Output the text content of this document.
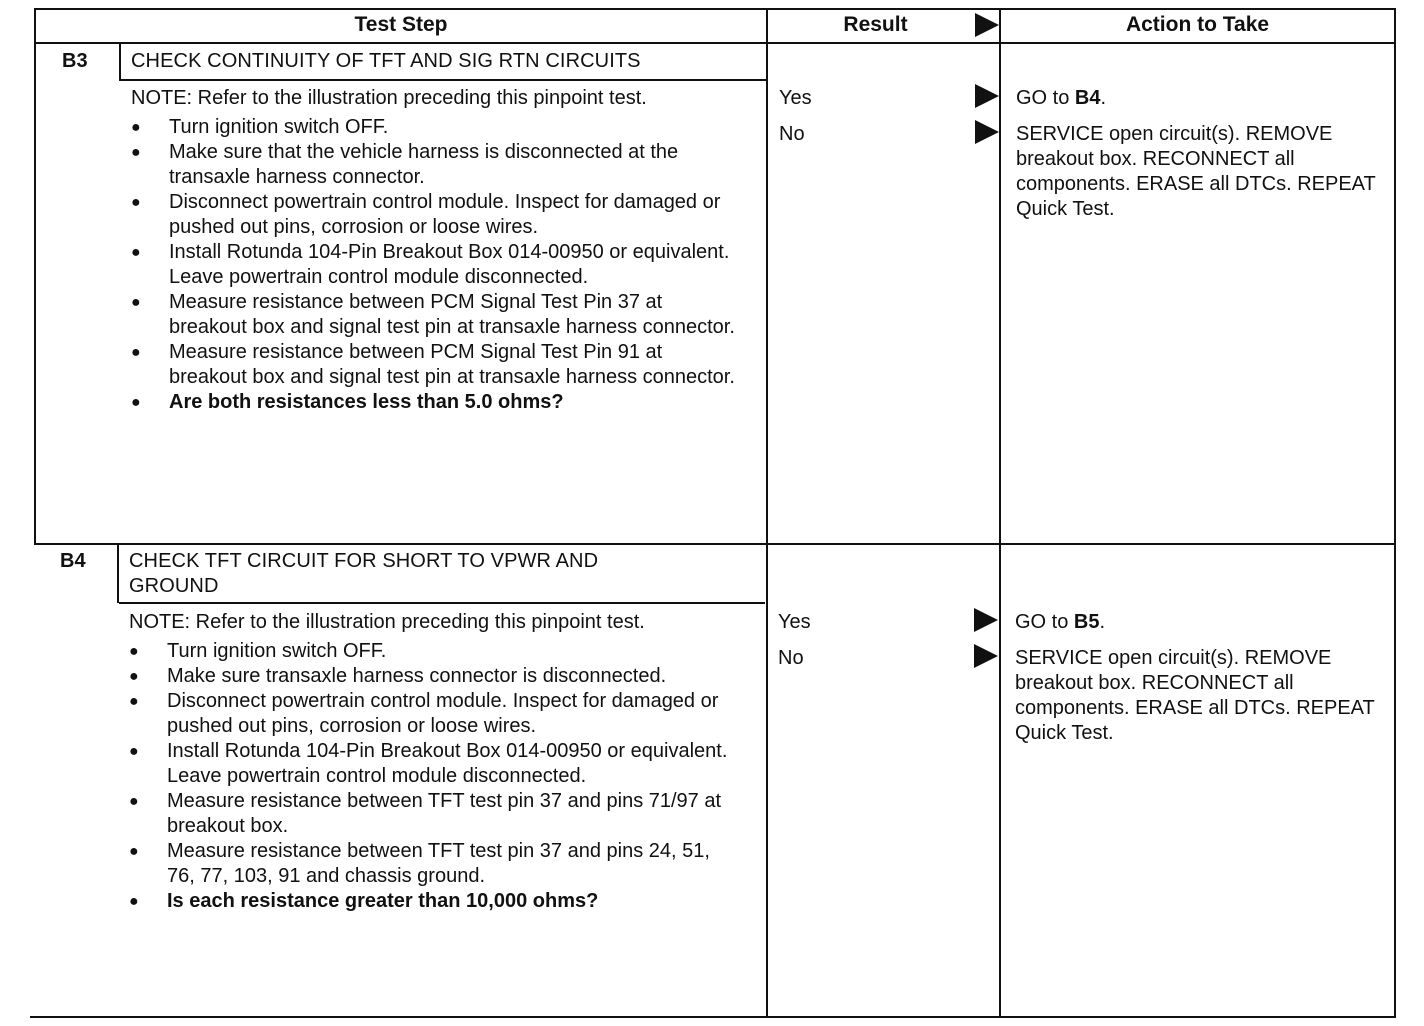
Test Step	Result	Action to Take
B3 CHECK CONTINUITY OF TFT AND SIG RTN CIRCUITS

NOTE: Refer to the illustration preceding this pinpoint test.

● Turn ignition switch OFF.
● Make sure that the vehicle harness is disconnected at the transaxle harness connector.
● Disconnect powertrain control module. Inspect for damaged or pushed out pins, corrosion or loose wires.
● Install Rotunda 104-Pin Breakout Box 014-00950 or equivalent. Leave powertrain control module disconnected.
● Measure resistance between PCM Signal Test Pin 37 at breakout box and signal test pin at transaxle harness connector.
● Measure resistance between PCM Signal Test Pin 91 at breakout box and signal test pin at transaxle harness connector.
● Are both resistances less than 5.0 ohms?
Yes
No

GO to B4.

SERVICE open circuit(s). REMOVE breakout box. RECONNECT all components. ERASE all DTCs. REPEAT Quick Test.

B4 CHECK TFT CIRCUIT FOR SHORT TO VPWR AND GROUND

NOTE: Refer to the illustration preceding this pinpoint test.

● Turn ignition switch OFF.
● Make sure transaxle harness connector is disconnected.
● Disconnect powertrain control module. Inspect for damaged or pushed out pins, corrosion or loose wires.
● Install Rotunda 104-Pin Breakout Box 014-00950 or equivalent. Leave powertrain control module disconnected.
● Measure resistance between TFT test pin 37 and pins 71/97 at breakout box.
● Measure resistance between TFT test pin 37 and pins 24, 51, 76, 77, 103, 91 and chassis ground.
● Is each resistance greater than 10,000 ohms?
Yes
No

GO to B5.

SERVICE open circuit(s). REMOVE breakout box. RECONNECT all components. ERASE all DTCs. REPEAT Quick Test.
